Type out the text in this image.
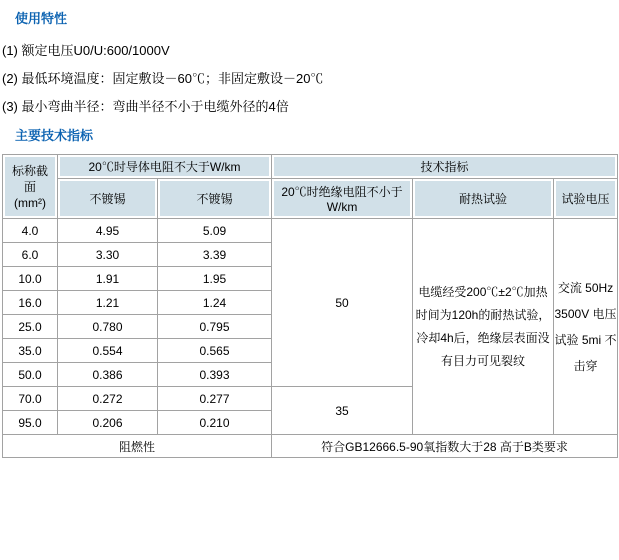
使用特性
(1) 额定电压U0/U:600/1000V
(2) 最低环境温度：固定敷设－60℃；非固定敷设－20℃
(3) 最小弯曲半径：弯曲半径不小于电缆外径的4倍
主要技术指标
标称截面
(mm²)	20℃时导体电阻不大于W/km		技术指标		
	不镀锡	不镀锡	20℃时绝缘电阻不小于 W/km	耐热试验	试验电压
4.0	4.95	5.09	50	电缆经受200℃±2℃加热时间为120h的耐热试验，冷却4h后，绝缘层表面没有目力可见裂纹	交流 50Hz 3500V 电压试验 5mi 不击穿
6.0	3.30	3.39			
10.0	1.91	1.95			
16.0	1.21	1.24			
25.0	0.780	0.795			
35.0	0.554	0.565			
50.0	0.386	0.393			
70.0	0.272	0.277	35		
95.0	0.206	0.210			
阻燃性			符合GB12666.5-90氧指数大于28 高于B类要求		
